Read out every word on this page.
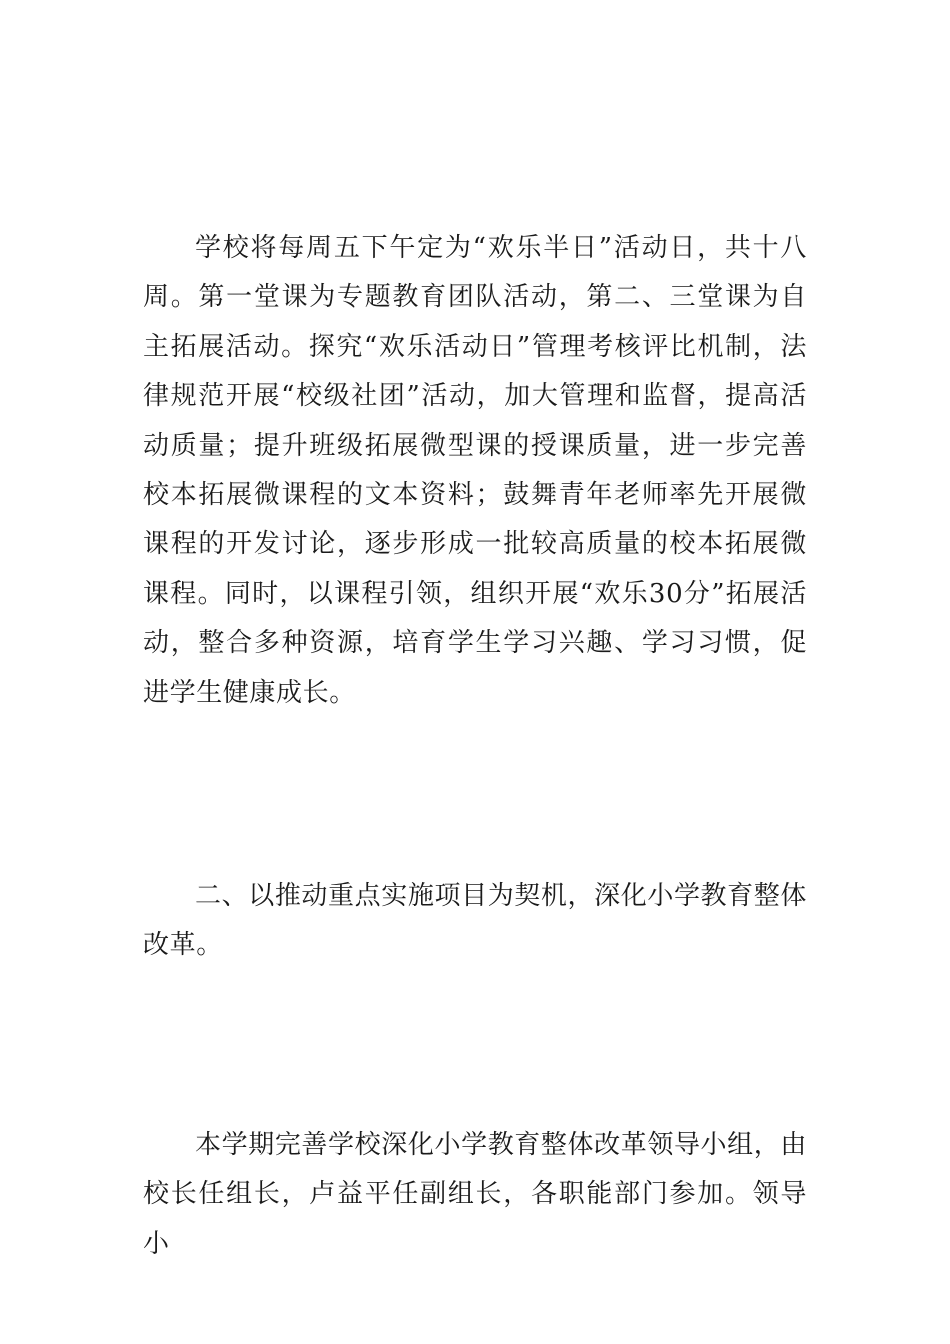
学校将每周五下午定为“欢乐半日”活动日，共十八周。第一堂课为专题教育团队活动，第二、三堂课为自主拓展活动。探究“欢乐活动日”管理考核评比机制，法律规范开展“校级社团”活动，加大管理和监督，提高活动质量；提升班级拓展微型课的授课质量，进一步完善校本拓展微课程的文本资料；鼓舞青年老师率先开展微课程的开发讨论，逐步形成一批较高质量的校本拓展微课程。同时，以课程引领，组织开展“欢乐30分”拓展活动，整合多种资源，培育学生学习兴趣、学习习惯，促进学生健康成长。

二、以推动重点实施项目为契机，深化小学教育整体改革。

本学期完善学校深化小学教育整体改革领导小组，由校长任组长，卢益平任副组长，各职能部门参加。领导小
